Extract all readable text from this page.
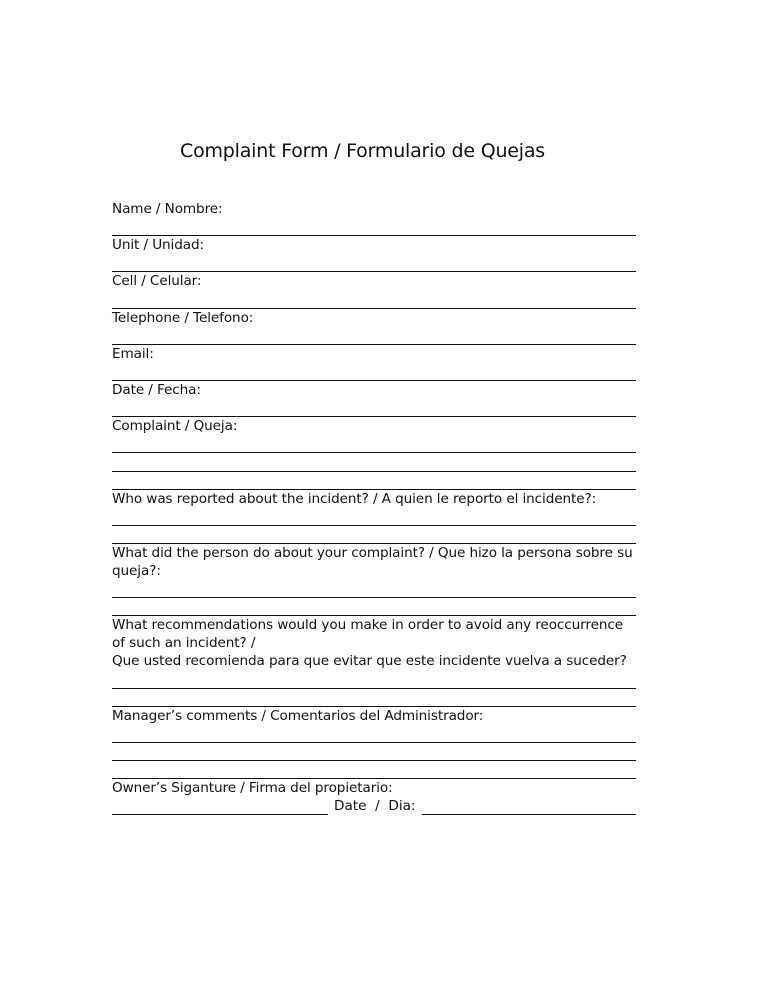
Complaint Form / Formulario de Quejas
Name / Nombre:
Unit / Unidad:
Cell / Celular:
Telephone / Telefono:
Email:
Date / Fecha:
Complaint / Queja:
Who was reported about the incident? / A quien le reporto el incidente?:
What did the person do about your complaint? / Que hizo la persona sobre su queja?:
What recommendations would you make in order to avoid any reoccurrence of such an incident? /
Que usted recomienda para que evitar que este incidente vuelva a suceder?
Manager’s comments / Comentarios del Administrador:
Owner’s Siganture / Firma del propietario:
Date  /  Dia:
